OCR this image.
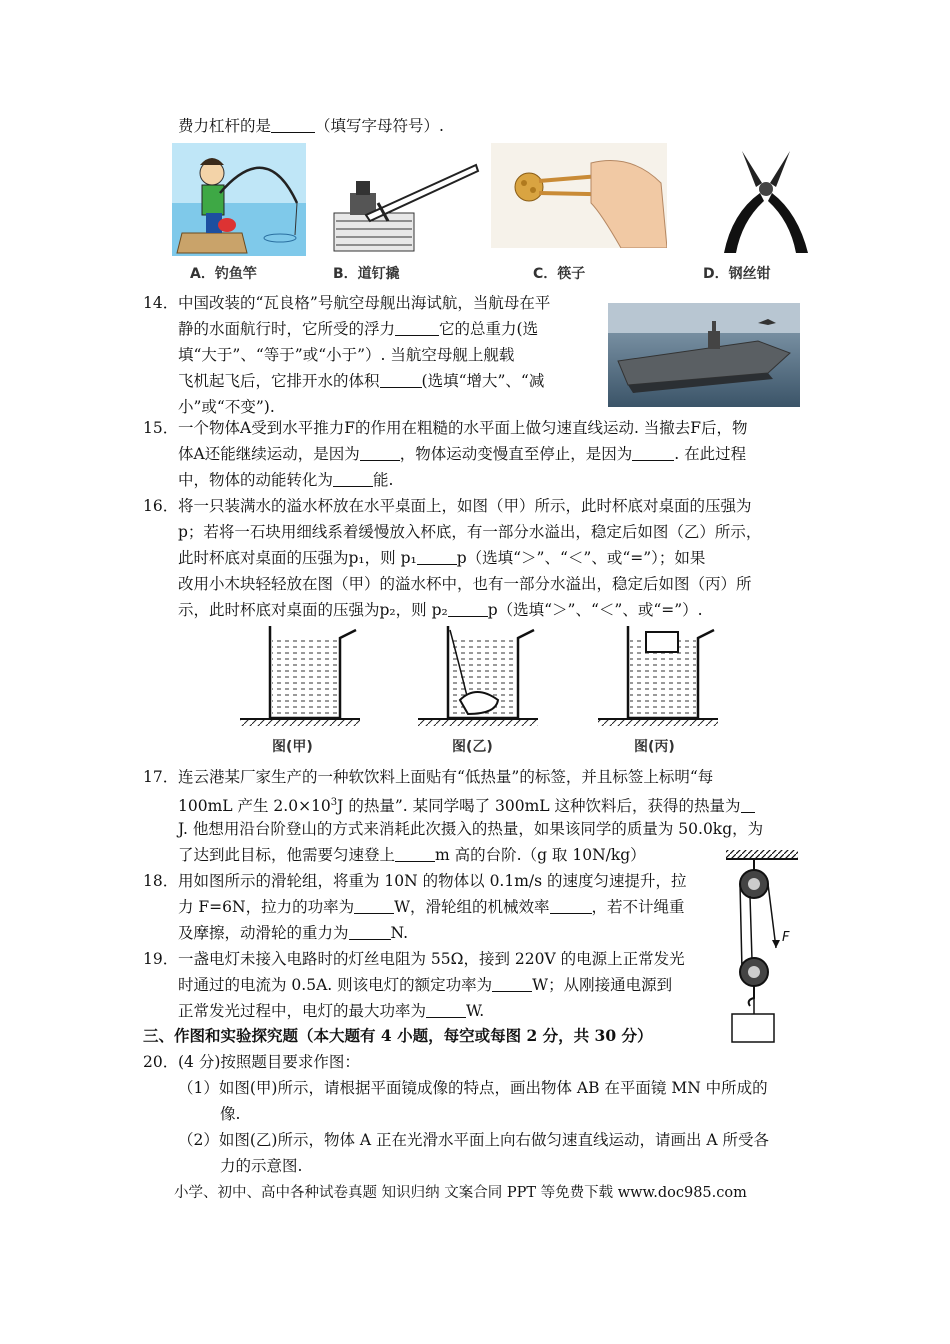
费力杠杆的是	（填写字母符号）.
A．钓鱼竿	B．道钉撬	C．筷子	D．钢丝钳
14． 中国改装的“瓦良格”号航空母舰出海试航，当航母在平
静的水面航行时，它所受的浮力	它的总重力(选
填“大于”、“等于”或“小于”）. 当航空母舰上舰载
飞机起飞后，它排开水的体积	(选填“增大”、“减
小”或“不变”).
15． 一个物体A受到水平推力F的作用在粗糙的水平面上做匀速直线运动. 当撤去F后，物
体A还能继续运动，是因为	，物体运动变慢直至停止，是因为	. 在此过程
中，物体的动能转化为	能.
16． 将一只装满水的溢水杯放在水平桌面上，如图（甲）所示，此时杯底对桌面的压强为
p；若将一石块用细线系着缓慢放入杯底，有一部分水溢出，稳定后如图（乙）所示，
此时杯底对桌面的压强为p₁，则 p₁	p（选填“＞”、“＜”、或“=”）；如果
改用小木块轻轻放在图（甲）的溢水杯中，也有一部分水溢出，稳定后如图（丙）所
示，此时杯底对桌面的压强为p₂，则 p₂	p（选填“＞”、“＜”、或“=”）.
图(甲)	图(乙)	图(丙)
17． 连云港某厂家生产的一种软饮料上面贴有“低热量”的标签，并且标签上标明“每
100mL 产生 $2.0\times 10^3J$ 的热量”. 某同学喝了 300mL 这种饮料后，获得的热量为
J. 他想用沿台阶登山的方式来消耗此次摄入的热量，如果该同学的质量为 50.0kg，为
了达到此目标，他需要匀速登上	m 高的台阶.（g 取 10N/kg）
18． 用如图所示的滑轮组，将重为 10N 的物体以 0.1m/s 的速度匀速提升，拉
力 F=6N，拉力的功率为	W，滑轮组的机械效率	，若不计绳重
及摩擦，动滑轮的重力为	N.	F
19． 一盏电灯未接入电路时的灯丝电阻为 55Ω，接到 220V 的电源上正常发光
时通过的电流为 0.5A. 则该电灯的额定功率为	W；从刚接通电源到
正常发光过程中，电灯的最大功率为	W.
三、作图和实验探究题（本大题有 4 小题，每空或每图 2 分，共 30 分）
20． (4 分)按照题目要求作图：
（1）如图(甲)所示，请根据平面镜成像的特点，画出物体 AB 在平面镜 MN 中所成的
像.
（2）如图(乙)所示，物体 A 正在光滑水平面上向右做匀速直线运动，请画出 A 所受各
力的示意图.
小学、初中、高中各种试卷真题 知识归纳 文案合同 PPT 等免费下载 www.doc985.com
